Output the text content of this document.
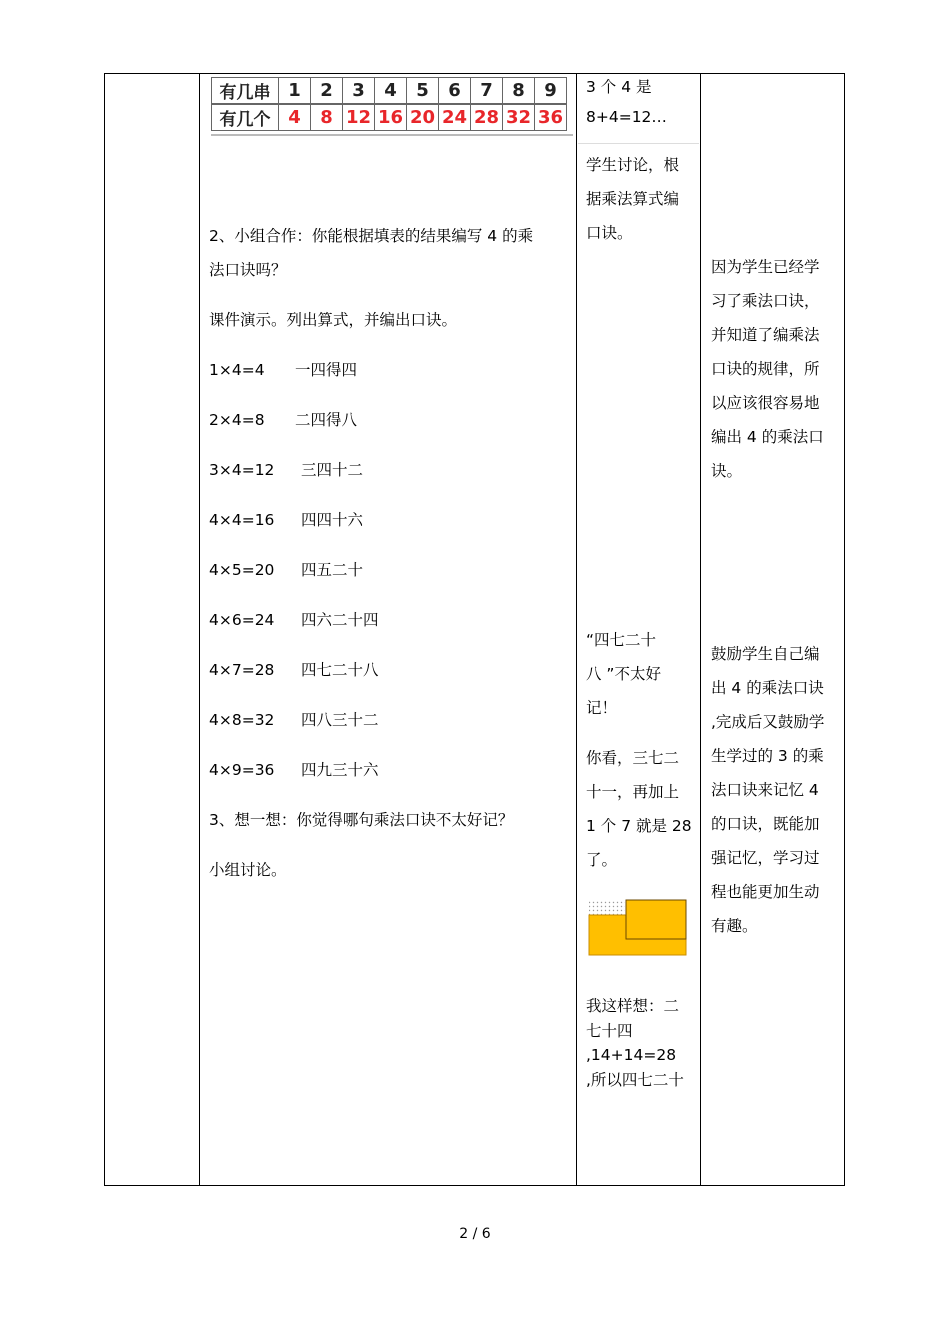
有几串	1	2	3	4	5	6	7	8	9
有几个	4	8	12	16	20	24	28	32	36
2、小组合作：你能根据填表的结果编写 4 的乘
法口诀吗？
课件演示。列出算式，并编出口诀。
1×4=4 一四得四
2×4=8 二四得八
3×4=12 三四十二
4×4=16 四四十六
4×5=20 四五二十
4×6=24 四六二十四
4×7=28 四七二十八
4×8=32 四八三十二
4×9=36 四九三十六
3、想一想：你觉得哪句乘法口诀不太好记？
小组讨论。
3 个 4 是
8+4=12…
学生讨论，根
据乘法算式编
口诀。
“四七二十
八 ”不太好
记！
你看，三七二
十一，再加上
1 个 7 就是 28
了。
我这样想：二
七十四
,14+14=28
,所以四七二十
因为学生已经学
习了乘法口诀，
并知道了编乘法
口诀的规律，所
以应该很容易地
编出 4 的乘法口
诀。
鼓励学生自己编
出 4 的乘法口诀
,完成后又鼓励学
生学过的 3 的乘
法口诀来记忆 4
的口诀，既能加
强记忆，学习过
程也能更加生动
有趣。
2 / 6
